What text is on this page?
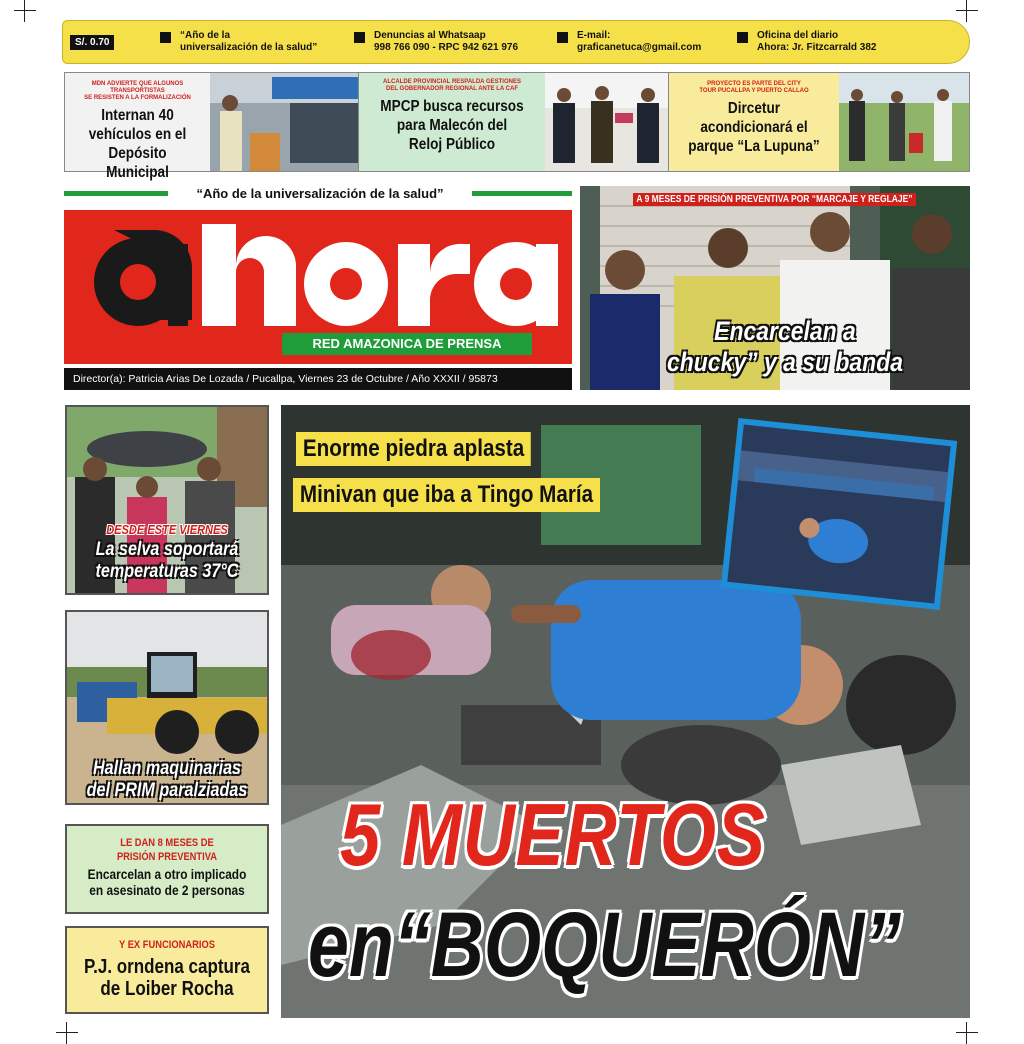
S/. 0.70
“Año de la
universalización de la salud”
Denuncias al Whatsaap
998 766 090 - RPC 942 621 976
E-mail:
graficanetuca@gmail.com
Oficina del diario
Ahora: Jr. Fitzcarrald 382
MDN ADVIERTE QUE ALGUNOS TRANSPORTISTAS
SE RESISTEN A LA FORMALIZACIÓN
Internan 40
vehículos en el
Depósito Municipal
ALCALDE PROVINCIAL RESPALDA GESTIONES
DEL GOBERNADOR REGIONAL ANTE LA CAF
MPCP busca recursos
para Malecón del
Reloj Público
PROYECTO ES PARTE DEL CITY
TOUR PUCALLPA Y PUERTO CALLAO
Dircetur
acondicionará el
parque “La Lupuna”
“Año de la universalización de la salud”
RED AMAZONICA DE PRENSA
Director(a): Patricia Arias De Lozada / Pucallpa, Viernes 23 de Octubre / Año XXXII / 95873
A 9 MESES DE PRISIÓN PREVENTIVA POR “MARCAJE Y REGLAJE”
Encarcelan a
chucky” y a su banda
DESDE ESTE VIERNES
La selva soportará
temperaturas 37°C
Hallan maquinarias
del PRIM paralziadas
LE DAN 8 MESES DE
PRISIÓN PREVENTIVA
Encarcelan a otro implicado
en asesinato de 2 personas
Y EX FUNCIONARIOS
P.J. orndena captura
de Loiber Rocha
Enorme piedra aplasta
Minivan que iba a Tingo María
5 MUERTOS
en“BOQUERÓN”
